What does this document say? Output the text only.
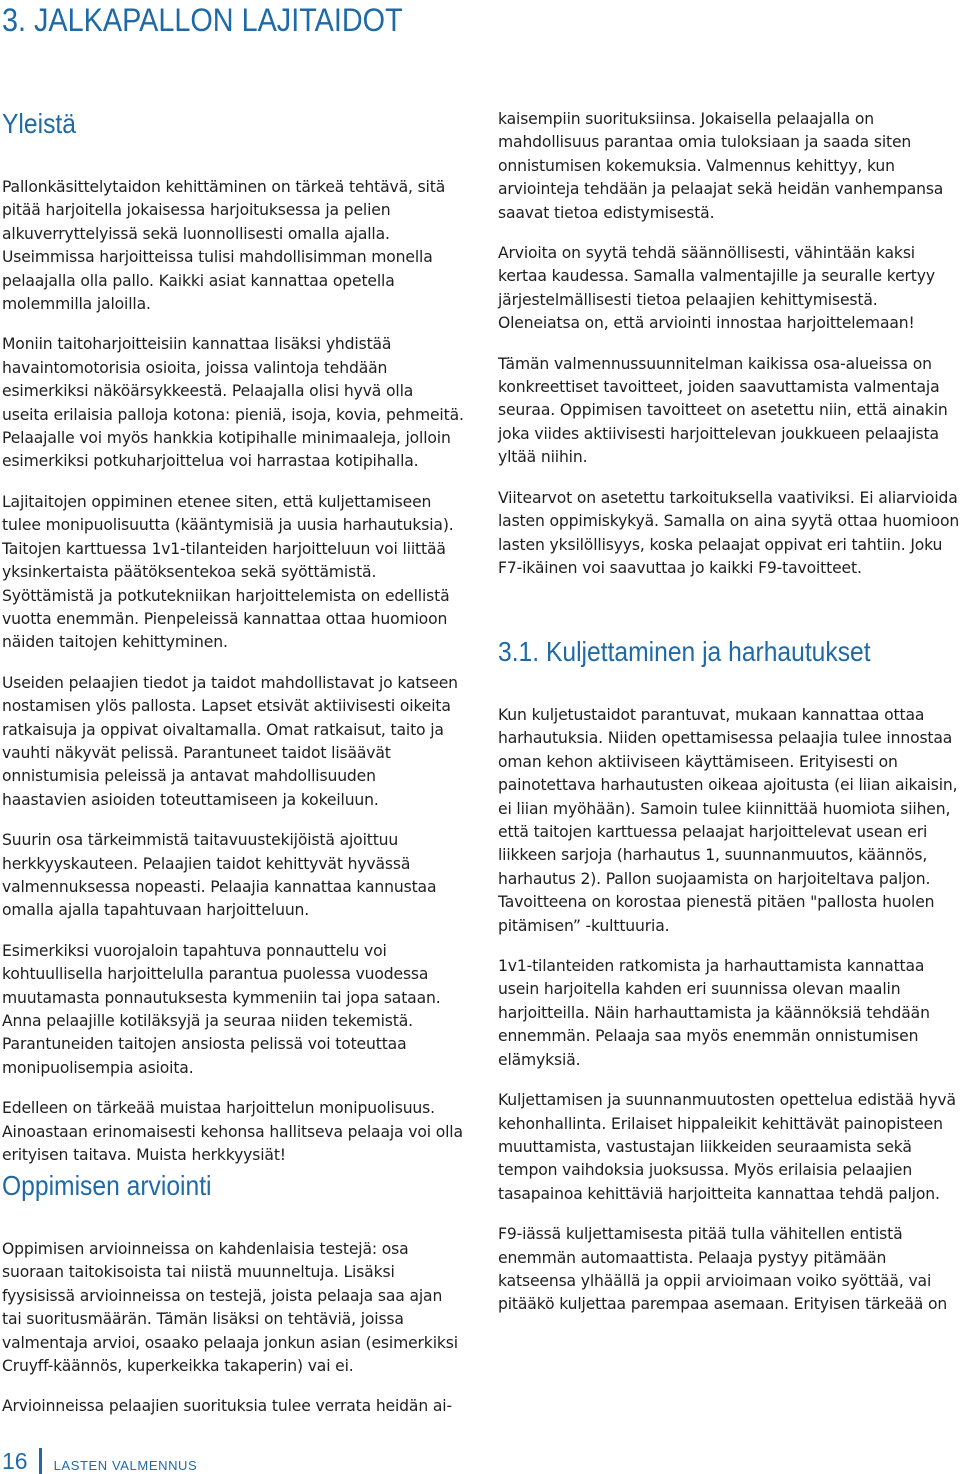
3. JALKAPALLON LAJITAIDOT
Yleistä

Pallonkäsittelytaidon kehittäminen on tärkeä tehtävä, sitä pitää harjoitella jokaisessa harjoituksessa ja pelien alkuverryttelyissä sekä luonnollisesti omalla ajalla. Useimmissa harjoitteissa tulisi mahdollisimman monella pelaajalla olla pallo. Kaikki asiat kannattaa opetella molemmilla jaloilla.

Moniin taitoharjoitteisiin kannattaa lisäksi yhdistää havaintomotorisia osioita, joissa valintoja tehdään esimerkiksi näköärsykkeestä. Pelaajalla olisi hyvä olla useita erilaisia palloja kotona: pieniä, isoja, kovia, pehmeitä. Pelaajalle voi myös hankkia kotipihalle minimaaleja, jolloin esimerkiksi potkuharjoittelua voi harrastaa kotipihalla.

Lajitaitojen oppiminen etenee siten, että kuljettamiseen tulee monipuolisuutta (kääntymisiä ja uusia harhautuksia). Taitojen karttuessa 1v1-tilanteiden harjoitteluun voi liittää yksinkertaista päätöksentekoa sekä syöttämistä. Syöttämistä ja potkutekniikan harjoittelemista on edellistä vuotta enemmän. Pienpeleissä kannattaa ottaa huomioon näiden taitojen kehittyminen.

Useiden pelaajien tiedot ja taidot mahdollistavat jo katseen nostamisen ylös pallosta. Lapset etsivät aktiivisesti oikeita ratkaisuja ja oppivat oivaltamalla. Omat ratkaisut, taito ja vauhti näkyvät pelissä. Parantuneet taidot lisäävät onnistumisia peleissä ja antavat mahdollisuuden haastavien asioiden toteuttamiseen ja kokeiluun.

Suurin osa tärkeimmistä taitavuustekijöistä ajoittuu herkkyyskauteen. Pelaajien taidot kehittyvät hyvässä valmennuksessa nopeasti. Pelaajia kannattaa kannustaa omalla ajalla tapahtuvaan harjoitteluun.

Esimerkiksi vuorojaloin tapahtuva ponnauttelu voi kohtuullisella harjoittelulla parantua puolessa vuodessa muutamasta ponnautuksesta kymmeniin tai jopa sataan. Anna pelaajille kotiläksyjä ja seuraa niiden tekemistä. Parantuneiden taitojen ansiosta pelissä voi toteuttaa monipuolisempia asioita.

Edelleen on tärkeää muistaa harjoittelun monipuolisuus. Ainoastaan erinomaisesti kehonsa hallitseva pelaaja voi olla erityisen taitava. Muista herkkyysiät!

Oppimisen arviointi

Oppimisen arvioinneissa on kahdenlaisia testejä: osa suoraan taitokisoista tai niistä muunneltuja. Lisäksi fyysisissä arvioinneissa on testejä, joista pelaaja saa ajan tai suoritusmäärän. Tämän lisäksi on tehtäviä, joissa valmentaja arvioi, osaako pelaaja jonkun asian (esimerkiksi Cruyff-käännös, kuperkeikka takaperin) vai ei.

Arvioinneissa pelaajien suorituksia tulee verrata heidän ai-

kaisempiin suorituksiinsa. Jokaisella pelaajalla on mahdollisuus parantaa omia tuloksiaan ja saada siten onnistumisen kokemuksia. Valmennus kehittyy, kun arviointeja tehdään ja pelaajat sekä heidän vanhempansa saavat tietoa edistymisestä.

Arvioita on syytä tehdä säännöllisesti, vähintään kaksi kertaa kaudessa. Samalla valmentajille ja seuralle kertyy järjestelmällisesti tietoa pelaajien kehittymisestä. Oleneiatsa on, että arviointi innostaa harjoittelemaan!

Tämän valmennussuunnitelman kaikissa osa-alueissa on konkreettiset tavoitteet, joiden saavuttamista valmentaja seuraa. Oppimisen tavoitteet on asetettu niin, että ainakin joka viides aktiivisesti harjoittelevan joukkueen pelaajista yltää niihin.

Viitearvot on asetettu tarkoituksella vaativiksi. Ei aliarvioida lasten oppimiskykyä. Samalla on aina syytä ottaa huomioon lasten yksilöllisyys, koska pelaajat oppivat eri tahtiin. Joku F7-ikäinen voi saavuttaa jo kaikki F9-tavoitteet.

3.1. Kuljettaminen ja harhautukset

Kun kuljetustaidot parantuvat, mukaan kannattaa ottaa harhautuksia. Niiden opettamisessa pelaajia tulee innostaa oman kehon aktiiviseen käyttämiseen. Erityisesti on painotettava harhautusten oikeaa ajoitusta (ei liian aikaisin, ei liian myöhään). Samoin tulee kiinnittää huomiota siihen, että taitojen karttuessa pelaajat harjoittelevat usean eri liikkeen sarjoja (harhautus 1, suunnanmuutos, käännös, harhautus 2). Pallon suojaamista on harjoiteltava paljon. Tavoitteena on korostaa pienestä pitäen "pallosta huolen pitämisen” -kulttuuria.

1v1-tilanteiden ratkomista ja harhauttamista kannattaa usein harjoitella kahden eri suunnissa olevan maalin harjoitteilla. Näin harhauttamista ja käännöksiä tehdään ennemmän. Pelaaja saa myös enemmän onnistumisen elämyksiä.

Kuljettamisen ja suunnanmuutosten opettelua edistää hyvä kehonhallinta. Erilaiset hippaleikit kehittävät painopisteen muuttamista, vastustajan liikkeiden seuraamista sekä tempon vaihdoksia juoksussa. Myös erilaisia pelaajien tasapainoa kehittäviä harjoitteita kannattaa tehdä paljon.

F9-iässä kuljettamisesta pitää tulla vähitellen entistä enemmän automaattista. Pelaaja pystyy pitämään katseensa ylhäällä ja oppii arvioimaan voiko syöttää, vai pitääkö kuljettaa parempaa asemaan. Erityisen tärkeää on

16 LASTEN VALMENNUS
